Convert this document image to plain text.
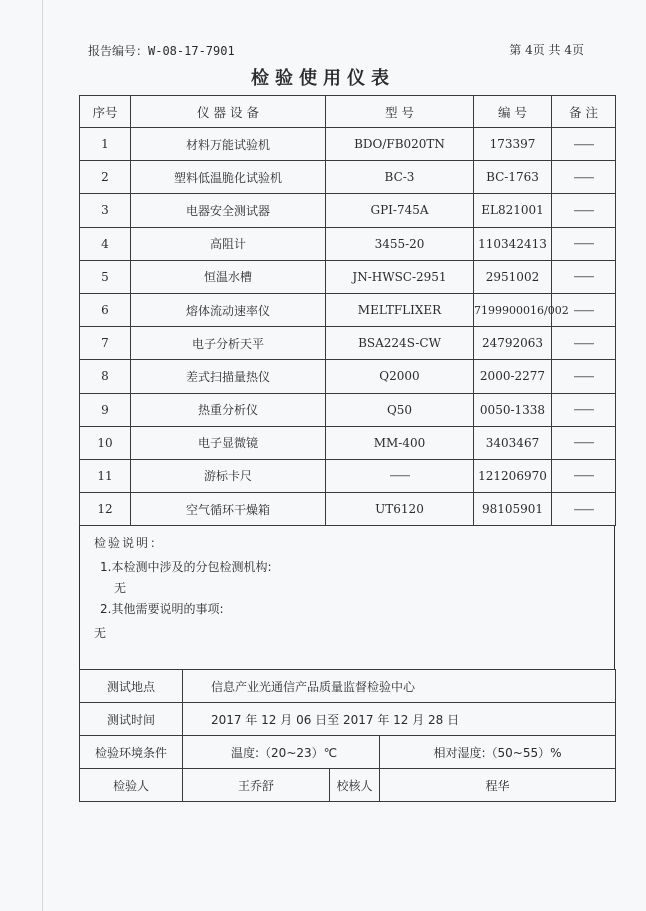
报告编号：W-08-17-7901	第 4页 共 4页
检验使用仪表
序号	仪 器 设 备	型 号	编 号	备 注
1	材料万能试验机	BDO/FB020TN	173397	——
2	塑料低温脆化试验机	BC-3	BC-1763	——
3	电器安全测试器	GPI-745A	EL821001	——
4	高阻计	3455-20	110342413	——
5	恒温水槽	JN-HWSC-2951	2951002	——
6	熔体流动速率仪	MELTFLIXER	7199900016/002	——
7	电子分析天平	BSA224S-CW	24792063	——
8	差式扫描量热仪	Q2000	2000-2277	——
9	热重分析仪	Q50	0050-1338	——
10	电子显微镜	MM-400	3403467	——
11	游标卡尺	——	121206970	——
12	空气循环干燥箱	UT6120	98105901	——
检验说明：
1.本检测中涉及的分包检测机构:
无
2.其他需要说明的事项:
无
测试地点	信息产业光通信产品质量监督检验中心		
测试时间	2017 年 12 月 06 日至 2017 年 12 月 28 日		
检验环境条件	温度:（20~23）℃		相对湿度:（50~55）%
检验人	王乔舒	校核人	程华
